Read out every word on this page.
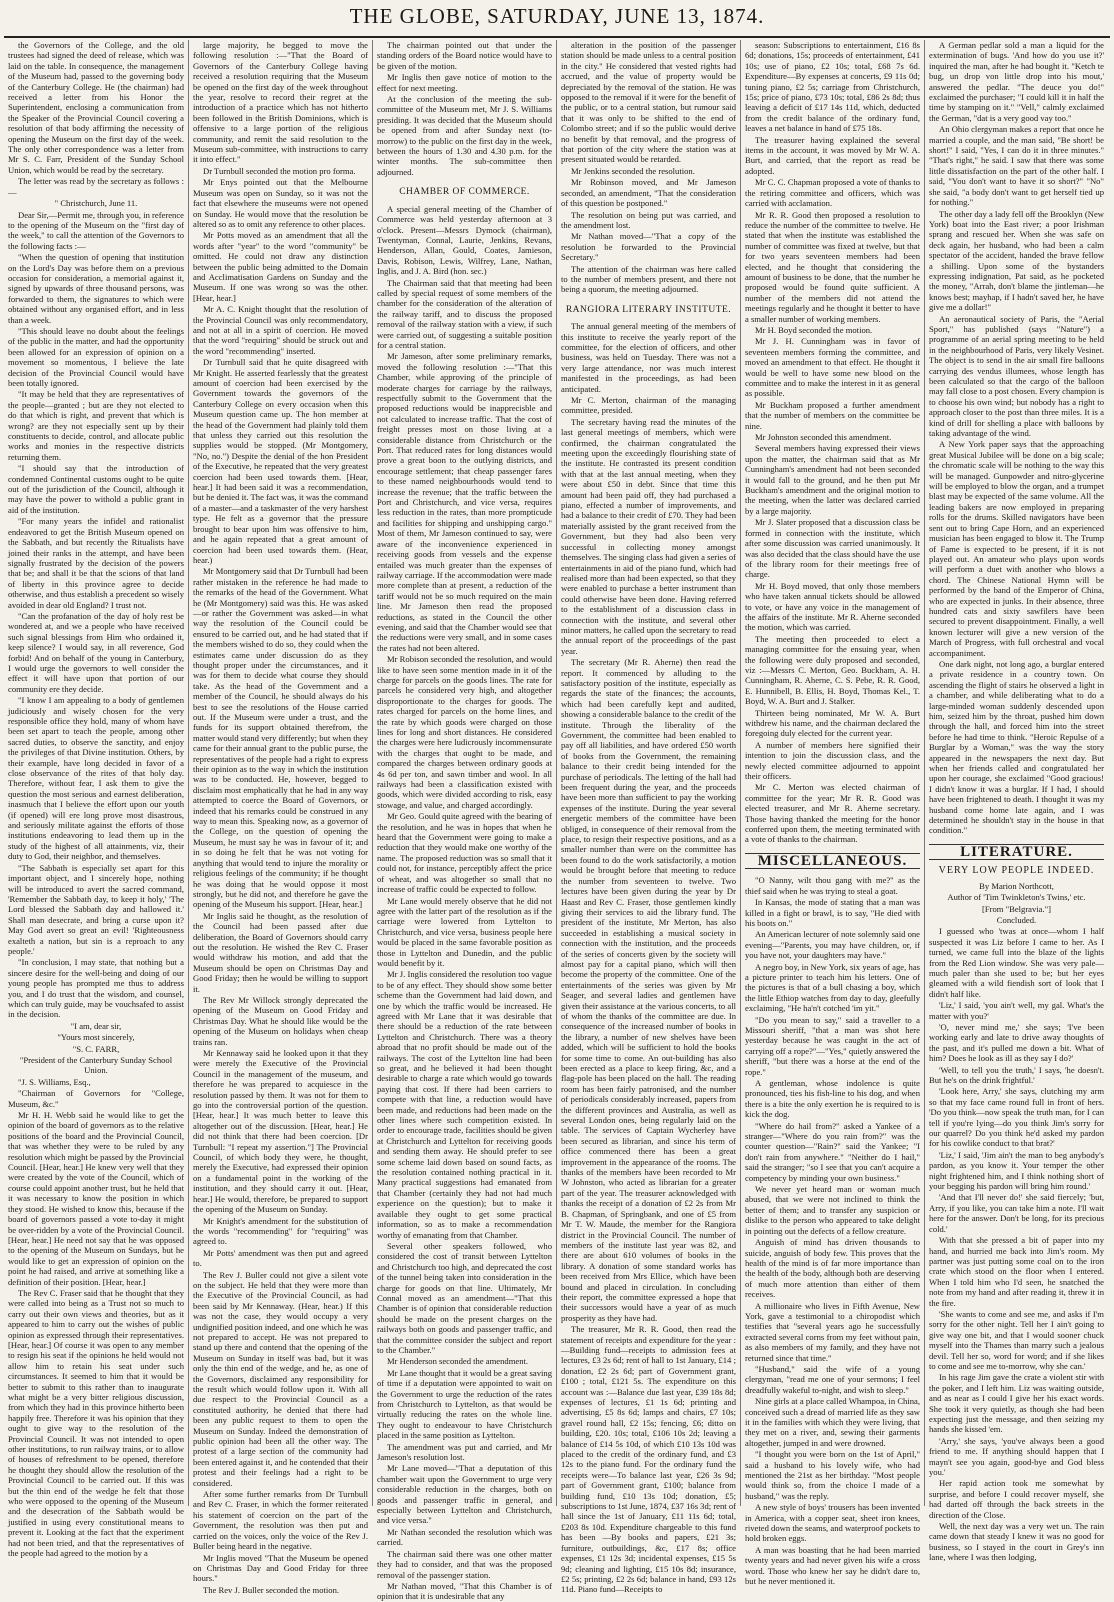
THE GLOBE, SATURDAY, JUNE 13, 1874.

the Governors of the College, and the old trustees had signed the deed of release, which was laid on the table. In consequence, the management of the Museum had, passed to the governing body of the Canterbury College. He (the chairman) had received a letter from his Honor the Superintendent, enclosing a communication from the Speaker of the Provincial Council covering a resolution of that body affirming the necessity of opening the Museum on the first day of the week. The only other correspondence was a letter from Mr S. C. Farr, President of the Sunday School Union, which would be read by the secretary.

The letter was read by the secretary as follows :—

" Christchurch, June 11.

Dear Sir,—Permit me, through you, in reference to the opening of the Museum on the "first day of the week," to call the attention of the Governors to the following facts :—

"When the question of opening that institution on the Lord's Day was before them on a previous occasion for consideration, a memorial against it, signed by upwards of three thousand persons, was forwarded to them, the signatures to which were obtained without any organised effort, and in less than a week.

"This should leave no doubt about the feelings of the public in the matter, and had the opportunity been allowed for an expression of opinion on a movement so momentous, I believe the late decision of the Provincial Council would have been totally ignored.

"It may be held that they are representatives of the people—granted ; but are they not elected to do that which is right, and prevent that which is wrong? are they not especially sent up by their constituents to decide, control, and allocate public works and monies in the respective districts returning them.

"I should say that the introduction of condemned Continental customs ought to be quite out of the jurisdiction of the Council, although it may have the power to withold a public grant in aid of the institution.

"For many years the infidel and rationalist endeavored to get the British Museum opened on the Sabbath, and but recently the Ritualists have joined their ranks in the attempt, and have been signally frustrated by the decision of the powers that be; and shall it be that the scions of that land of liberty in this province agree to decide otherwise, and thus establish a precedent so wisely avoided in dear old England? I trust not.

"Can the profanation of the day of holy rest be wondered at, and we a people who have received such signal blessings from Him who ordained it, keep silence? I would say, in all reverence, God forbid! And on behalf of the young in Canterbury, I would urge the governors to well consider the effect it will have upon that portion of our community ere they decide.

"I know I am appealing to a body of gentlemen judiciously and wisely chosen for the very responsible office they hold, many of whom have been set apart to teach the people, among other sacred duties, to observe the sanctity, and enjoy the privileges of that Divine institution. Others, by their example, have long decided in favor of a close observance of the rites of that holy day. Therefore, without fear, I ask them to give the question the most serious and earnest deliberation, inasmuch that I believe the effort upon our youth (if opened) will ere long prove most disastrous, and seriously militate against the efforts of those institutions endeavoring to lead them up in the study of the highest of all attainments, viz, their duty to God, their neighbor, and themselves.

"The Sabbath is especially set apart for this important object, and I sincerely hope, nothing will be introduced to avert the sacred command, 'Remember the Sabbath day, to keep it holy,' 'The Lord blessed the Sabbath day and hallowed it.' Shall man desecrate, and bring a curse upon it? May God avert so great an evil! 'Righteousness exalteth a nation, but sin is a reproach to any people.'

"In conclusion, I may state, that nothing but a sincere desire for the well-being and doing of our young people has prompted me thus to address you, and I do trust that the wisdom, and counsel, which can truly guide, may be vouchsafed to assist in the decision.

"I am, dear sir,

"Yours most sincerely,

"S. C. FARR,

"President of the Canterbury Sunday School Union.

"J. S. Williams, Esq.,

"Chairman of Governors for "College, Museum, &c."

Mr H. H. Webb said he would like to get the opinion of the board of governors as to the relative positions of the board and the Provincial Council, that was whether they were to be ruled by any resolution which might be passed by the Provincial Council. [Hear, hear.] He knew very well that they were created by the vote of the Council, which of course could appoint another trust, but he held that it was necessary to know the position in which they stood. He wished to know this, because if the board of governors passed a vote to-day it might be over-ridden by a vote of the Provincial Council. [Hear, hear.] He need not say that he was opposed to the opening of the Museum on Sundays, but he would like to get an expression of opinion on the point he had raised, and arrive at something like a definition of their position. [Hear, hear.]

The Rev C. Fraser said that he thought that they were called into being as a Trust not so much to carry out their own views and theories, but as it appeared to him to carry out the wishes of public opinion as expressed through their representatives. [Hear, hear.] Of course it was open to any member to resign his seat if the opinions he held would not allow him to retain his seat under such circumstances. It seemed to him that it would be better to submit to this rather than to inaugurate what might be a very bitter religious discussion, from which they had in this province hitherto been happily free. Therefore it was his opinion that they ought to give way to the resolution of the Provincial Council. It was not intended to open other institutions, to run railway trains, or to allow of houses of refreshment to be opened, therefore he thought they should allow the resolution of the Provincial Council to be carried out. If this was but the thin end of the wedge he felt that those who were opposed to the opening of the Museum and the desecration of the Sabbath would be justified in using every constitutional means to prevent it. Looking at the fact that the experiment had not been tried, and that the representatives of the people had agreed to the motion by a

large majority, he begged to move the following resolution :—"That the Board of Governors of the Canterbury College having received a resolution requiring that the Museum be opened on the first day of the week throughout the year, resolve to record their regret at the introduction of a practice which has not hitherto been followed in the British Dominions, which is offensive to a large portion of the religious community, and remit the said resolution to the Museum sub-committee, with instructions to carry it into effect."

Dr Turnbull seconded the motion pro forma.

Mr Enys pointed out that the Melbourne Museum was open on Sunday, so it was not the fact that elsewhere the museums were not opened on Sunday. He would move that the resolution be altered so as to omit any reference to other places.

Mr Potts moved as an amendment that all the words after "year" to the word "community" be omitted. He could not draw any distinction between the public being admitted to the Domain and Acclimatisation Gardens on Sunday and the Museum. If one was wrong so was the other. [Hear, hear.]

Mr A. C. Knight thought that the resolution of the Provincial Council was only recommendatory, and not at all in a spirit of coercion. He moved that the word "requiring" should be struck out and the word "recommending" inserted.

Dr Turnbull said that he quite disagreed with Mr Knight. He asserted fearlessly that the greatest amount of coercion had been exercised by the Government towards the governors of the Canterbury College on every occasion when this Museum question came up. The hon member at the head of the Government had plainly told them that unless they carried out this resolution the supplies would be stopped. (Mr Montgomery, "No, no.") Despite the denial of the hon President of the Executive, he repeated that the very greatest coercion had been used towards them. [Hear, hear.] It had been said it was a recommendation, but he denied it. The fact was, it was the command of a master—and a taskmaster of the very harshest type. He felt as a governor that the pressure brought to bear upon him was offensive to him, and he again repeated that a great amount of coercion had been used towards them. (Hear, hear.)

Mr Montgomery said that Dr Turnbull had been rather mistaken in the reference he had made to the remarks of the head of the Government. What he (Mr Montgomery) said was this. He was asked—or rather the Government was asked—in what way the resolution of the Council could be ensured to be carried out, and he had stated that if the members wished to do so, they could when the estimates came under discussion do as they thought proper under the circumstances, and it was for them to decide what course they should take. As the head of the Government and a member of the Council, he should always do his best to see the resolutions of the House carried out. If the Museum were under a trust, and the funds for its support obtained therefrom, the matter would stand very differently; but when they came for their annual grant to the public purse, the representatives of the people had a right to express their opinion as to the way in which the institution was to be conducted. He, however, begged to disclaim most emphatically that he had in any way attempted to coerce the Board of Governors, or indeed that his remarks could be construed in any way to mean this. Speaking now, as a governor of the College, on the question of opening the Museum, he must say he was in favour of it; and in so doing he felt that he was not voting for anything that would tend to injure the morality or religious feelings of the community; if he thought he was doing that he would oppose it most strongly, but he did not, and therefore he gave the opening of the Museum his support. [Hear, hear.]

Mr Inglis said he thought, as the resolution of the Council had been passed after due deliberation, the Board of Governors should carry out the resolution. He wished the Rev C. Fraser would withdraw his motion, and add that the Museum should be open on Christmas Day and Good Friday; then he would be willing to support it.

The Rev Mr Willock strongly deprecated the opening of the Museum on Good Friday and Christmas Day. What he should like would be the opening of the Museum on holidays when cheap trains ran.

Mr Kennaway said he looked upon it that they were merely the Executive of the Provincial Council in the management of the museum, and therefore he was prepared to acquiesce in the resolution passed by them. It was not for them to go into the controversial portion of the question. [Hear, hear.] It was much better to leave this altogether out of the discussion. [Hear, hear.] He did not think that there had been coercion. [Dr Turnbull: "I repeat my assertion."] The Provincial Council, of which body they were, he thought, merely the Executive, had expressed their opinion on a fundamental point in the working of the institution, and they should carry it out. [Hear, hear.] He would, therefore, be prepared to support the opening of the Museum on Sunday.

Mr Knight's amendment for the substitution of the words "recommending" for "requiring" was agreed to.

Mr Potts' amendment was then put and agreed to.

The Rev J. Buller could not give a silent vote on the subject. He held that they were more than the Executive of the Provincial Council, as had been said by Mr Kennaway. (Hear, hear.) If this was not the case, they would occupy a very undignified position indeed, and one which he was not prepared to accept. He was not prepared to stand up there and contend that the opening of the Museum on Sunday in itself was bad, but it was only the thin end of the wedge, and he, as one of the Governors, disclaimed any responsibility for the result which would follow upon it. With all due respect to the Provincial Council as a constituted authority, he denied that there had been any public request to them to open the Museum on Sunday. Indeed the demonstration of public opinion had been all the other way. The protest of a large section of the community had been entered against it, and he contended that their protest and their feelings had a right to be considered.

After some further remarks from Dr Turnbull and Rev C. Fraser, in which the former reiterated his statement of coercion on the part of the Government, the resolution was then put and carried on the voices, only the voice of the Rev J. Buller being heard in the negative.

Mr Inglis moved "That the Museum be opened on Christmas Day and Good Friday for three hours."

The Rev J. Buller seconded the motion.

The chairman pointed out that under the standing orders of the Board notice would have to be given of the motion.

Mr Inglis then gave notice of motion to the effect for next meeting.

At the conclusion of the meeting the sub-committee of the Museum met, Mr J. S. Williams presiding. It was decided that the Museum should be opened from and after Sunday next (to-morrow) to the public on the first day in the week, between the hours of 1.30 and 4.30 p.m. for the winter months. The sub-committee then adjourned.

CHAMBER OF COMMERCE.

A special general meeting of the Chamber of Commerce was held yesterday afternoon at 3 o'clock. Present—Messrs Dymock (chairman), Twentyman, Connal, Laurie, Jenkins, Revans, Henderson, Allan, Gould, Coates, Jamieson, Davis, Robison, Lewis, Wilfrey, Lane, Nathan, Inglis, and J. A. Bird (hon. sec.)

The Chairman said that that meeting had been called by special request of some members of the chamber for the consideration of the alteration of the railway tariff, and to discuss the proposed removal of the railway station with a view, if such were carried out, of suggesting a suitable position for a central station.

Mr Jameson, after some preliminary remarks, moved the following resolution :—"That this Chamber, while approving of the principle of moderate charges for carriage by the railways, respectfully submit to the Government that the proposed reductions would be inapprecisble and not calculated to increase traffic. That the cost of freight presses most on those living at a considerable distance from Christchurch or the Port. That reduced rates for long distances would prove a great boon to the outlying districts, and encourage settlement; that cheap passenger fares to these named neighbourhoods would tend to increase the revenue; that the traffic between the Port and Christchurch, and vice versa, requires less reduction in the rates, than more prompticude and facilities for shipping and unshipping cargo." Most of them, Mr Jameson continued to say, were aware of the inconvenience experienced in receiving goods from vessels and the expense entailed was much greater than the expenses of railway carriage. If the accommodation were made more complete than at present, a reduction of the tariff would not be so much required on the main line. Mr Jameson then read the proposed reductions, as stated in the Council the other evening, and said that the Chamber would see that the reductions were very small, and in some cases the rates had not been altered.

Mr Robison seconded the resolution, and would like to have seen some mention made in it of the charge for parcels on the goods lines. The rate for parcels he considered very high, and altogether disproportionate to the charges for goods. The rates charged for parcels on the home lines, and the rate by which goods were charged on those lines for long and short distances. He considered the charges were here ludicrously incommensurate with the charges that ought to be made, and compared the charges between ordinary goods at 4s 6d per ton, and sawn timber and wool. In all railways had been a classification existed with goods, which were divided according to risk, easy stowage, and value, and charged accordingly.

Mr Geo. Gould quite agreed with the bearing of the resolution, and he was in hopes that when he heard that the Government were going to make a reduction that they would make one worthy of the name. The proposed reduction was so small that it could not, for instance, perceptibly affect the price of wheat, and was altogether so small that no increase of traffic could be expected to follow.

Mr Lane would merely observe that he did not agree with the latter part of the resolution as if the carriage were lowered from Lyttelton to Christchurch, and vice versa, business people here would be placed in the same favorable position as those in Lyttelton and Dunedin, and the public would benefit by it.

Mr J. Inglis considered the resolution too vague to be of any effect. They should show some better scheme than the Government had laid down, and one by which the traffic would be increased. He agreed with Mr Lane that it was desirable that there should be a reduction of the rate between Lyttelton and Christchurch. There was a theory abroad that no profit should be made out of the railways. The cost of the Lyttelton line had been so great, and he believed it had been thought desirable to charge a rate which would go towards paying that cost. If there had been carriers to compete with that line, a reduction would have been made, and reductions had been made on the other lines where such competition existed. In order to encourage trade, facilities should be given at Christchurch and Lyttelton for receiving goods and sending them away. He should prefer to see some scheme laid down based on sound facts, as the resolution contained nothing practical in it. Many practical suggestions had emanated from that Chamber (certainly they had not had much experience on the question); but to make it available they ought to get some practical information, so as to make a recommendation worthy of emanating from that Chamber.

Several other speakers followed, who considered the cost of transit between Lyttelton and Christchurch too high, and deprecated the cost of the tunnel being taken into consideration in the charge for goods on that line. Ultimately, Mr Connal moved as an amendment—"That this Chamber is of opinion that considerable reduction should be made on the present charges on the railways both on goods and passenger traffic, and that the committee consider the subject and report to the Chamber."

Mr Henderson seconded the amendment.

Mr Lane thought that it would be a great saving of time if a deputation were appointed to wait on the Government to urge the reduction of the rates from Christchurch to Lyttelton, as that would be virtually reducing the rates on the whole line. They ought to endeavour to have Christchurch placed in the same position as Lyttelton.

The amendment was put and carried, and Mr Jameson's resolution lost.

Mr Lane moved—"That a deputation of this chamber wait upon the Government to urge very considerable reduction in the charges, both on goods and passenger traffic in general, and especially between Lyttelton and Christchurch, and vice versa."

Mr Nathan seconded the resolution which was carried.

The chairman said there was one other matter they had to consider, and that was the proposed removal of the passenger station.

Mr Nathan moved, "That this Chamber is of opinion that it is undesirable that any

alteration in the position of the passenger station should be made unless to a central position in the city." He considered that vested rights had accrued, and the value of property would be depreciated by the removal of the station. He was opposed to the removal if it were for the benefit of the public, or to a central station, but rumour said that it was only to be shifted to the end of Colombo street; and if so the public would derive no benefit by that removal, and the progress of that portion of the city where the station was at present situated would be retarded.

Mr Jenkins seconded the resolution.

Mr Robinson moved, and Mr Jameson seconded, an amendment, "That the consideration of this question be postponed."

The resolution on being put was carried, and the amendment lost.

Mr Nathan moved—"That a copy of the resolution be forwarded to the Provincial Secretary."

The attention of the chairman was here called to the number of members present, and there not being a quorum, the meeting adjourned.

RANGIORA LITERARY INSTITUTE.

The annual general meeting of the members of this institute to receive the yearly report of the committee, for the election of officers, and other business, was held on Tuesday. There was not a very large attendance, nor was much interest manifested in the proceedings, as had been anticipated.

Mr C. Merton, chairman of the managing committee, presided.

The secretary having read the minutes of the last general meetings of members, which were confirmed, the chairman congratulated the meeting upon the exceedingly flourishing state of the institute. He contrasted its present condition with that at the last annual meeting, when they were about £50 in debt. Since that time this amount had been paid off, they had purchased a piano, effected a number of improvements, and had a balance to their credit of £70. They had been materially assisted by the grant received from the Government, but they had also been very successful in collecting money amongst themselves. The singing class had given a series of entertainments in aid of the piano fund, which had realised more than had been expected, so that they were enabled to purchase a better instrument than could otherwise have been done. Having referred to the establishment of a discussion class in connection with the institute, and several other minor matters, he called upon the secretary to read the annual report of the proceedings of the past year.

The secretary (Mr R. Aherne) then read the report. It commenced by alluding to the satisfactory position of the institute, especially as regards the state of the finances; the accounts, which had been carefully kept and audited, showing a considerable balance to the credit of the institute. Through the liberality of the Government, the committee had been enabled to pay off all liabilities, and have ordered £50 worth of books from the Government, the remaining balance to their credit being intended for the purchase of periodicals. The letting of the hall had been frequent during the year, and the proceeds have been more than sufficient to pay the working expenses of the institute. During the year several energetic members of the committee have been obliged, in consequence of their removal from the place, to resign their respective positions, and as a smaller number than were on the committee has been found to do the work satisfactorily, a motion would be brought before that meeting to reduce the number from seventeen to twelve. Two lectures have been given during the year by Dr Haast and Rev C. Fraser, those gentlemen kindly giving their services to aid the library fund. The president of the institute, Mr Merton, has also succeeded in establishing a musical society in connection with the institution, and the proceeds of the series of concerts given by the society will almost pay for a capital piano, which will then become the property of the committee. One of the entertainments of the series was given by Mr Seager, and several ladies and gentlemen have given their assistance at the various concerts, to all of whom the thanks of the committee are due. In consequence of the increased number of books in the library, a number of new shelves have been added, which will be sufficient to hold the books for some time to come. An out-building has also been erected as a place to keep firing, &c, and a flag-pole has been placed on the hall. The reading room has been fairly patronised, and the number of periodicals considerably increased, papers from the different provinces and Australia, as well as several London ones, being regularly laid on the table. The services of Captain Wycherley have been secured as librarian, and since his term of office commenced there has been a great improvement in the appearance of the rooms. The thanks of the members have been recorded to Mr W Johnston, who acted as librarian for a greater part of the year. The treasurer acknowledged with thanks the receipt of a donation of £2 2s from Mr B. Chapman, of Springbank, and one of £5 from Mr T. W. Maude, the member for the Rangiora district in the Provincial Council. The number of members of the institute last year was 82, and there are about 610 volumes of books in the library. A donation of some standard works has been received from Mrs Ellice, which have been bound and placed in circulation. In concluding their report, the committee expressed a hope that their successors would have a year of as much prosperity as they have had.

The treasurer, Mr R. R. Good, then read the statement of receipts and expenditure for the year :—Building fund—receipts to admission fees at lectures, £3 2s 6d; rent of hall to 1st January, £14 ; donation, £2 2s 6d; part of Government grant, £100 ; total, £121 5s. The expenditure on this account was :—Balance due last year, £39 18s 8d; expenses of lectures, £1 1s 6d; printing and advertising, £5 8s 6d; lamps and chairs, £7 10s; gravel round hall, £2 15s; fencing, £6; ditto on building, £20. 10s; total, £106 10s 2d; leaving a balance of £14 5s 10d, of which £10 13s 10d was placed to the credit of the ordinary fund, and £3 12s to the piano fund. For the ordinary fund the receipts were—To balance last year, £26 3s 9d; part of Government grant, £100; balance from building fund, £10 13s 10d; donation, £5; subscriptions to 1st June, 1874, £37 16s 3d; rent of hall since the 1st of January, £11 11s 6d; total, £203 8s 10d. Expenditure chargeable to this fund has been —By books and papers, £21 3s; furniture, outbuildings, &c, £17 8s; office expenses, £1 12s 3d; incidental expenses, £15 5s 9d; cleaning and lighting, £15 10s 8d; insurance, £2 5s; printing, £2 2s 6d; balance in hand, £93 12s 11d. Piano fund—Receipts to

season: Subscriptions to entertainment, £16 8s 6d; donations, 15s; proceeds of entertainment, £41 10s; use of piano, £2 10s; total, £68 7s 6d. Expenditure—By expenses at concerts, £9 11s 0d; tuning piano, £2 5s; carriage from Christchurch, 15s; price of piano, £73 10s; total, £86 2s 8d; thus leaving a deficit of £17 14s 11d, which, deducted from the credit balance of the ordinary fund, leaves a net balance in hand of £75 18s.

The treasurer having explained the several items in the account, it was moved by Mr W. A. Burt, and carried, that the report as read be adopted.

Mr C. C. Chapman proposed a vote of thanks to the retiring committee and officers, which was carried with acclamation.

Mr R. R. Good then proposed a resolution to reduce the number of the committee to twelve. He stated that when the institute was established the number of committee was fixed at twelve, but that for two years seventeen members had been elected, and he thought that considering the amount of business to be done, that the number he proposed would be found quite sufficient. A number of the members did not attend the meetings regularly and he thought it better to have a smaller number of working members.

Mr H. Boyd seconded the motion.

Mr J. H. Cunningham was in favor of seventeen members forming the committee, and moved an amendment to that effect. He thought it would be well to have some new blood on the committee and to make the interest in it as general as possible.

Mr Buckham proposed a further amendment that the number of members on the committee be nine.

Mr Johnston seconded this amendment.

Several members having expressed their views upon the matter, the chairman said that as Mr Cunningham's amendment had not been seconded it would fall to the ground, and he then put Mr Buckham's amendment and the original motion to the meeting, when the latter was declared carried by a large majority.

Mr J. Slater proposed that a discussion class be formed in connection with the institute, which after some discussion was carried unanimously. It was also decided that the class should have the use of the library room for their meetings free of charge.

Mr H. Boyd moved, that only those members who have taken annual tickets should be allowed to vote, or have any voice in the management of the affairs of the institute. Mr R. Aherne seconded the motion, which was carried.

The meeting then proceeded to elect a managing committee for the ensuing year, when the following were duly proposed and seconded, viz :—Messrs C. Merton, Geo. Buckham, A. H. Cunningham, R. Aherne, C. S. Pebe, R. R. Good, E. Hunnibell, B. Ellis, H. Boyd, Thomas Kel., T. Boyd, W. A. Burt and J. Stalker.

Thirteen being nominated, Mr W. A. Burt withdrew his name, and the chairman declared the foregoing duly elected for the current year.

A number of members here signified their intention to join the discussion class, and the newly elected committee adjourned to appoint their officers.

Mr C. Merton was elected chairman of committee for the year; Mr R. R. Good was elected treasurer, and Mr R. Aherne secretary. Those having thanked the meeting for the honor conferred upon them, the meeting terminated with a vote of thanks to the chairman.

MISCELLANEOUS.

"O Nanny, wilt thou gang with me?" as the thief said when he was trying to steal a goat.

In Kansas, the mode of stating that a man was killed in a fight or brawl, is to say, "He died with his boots on."

An American lecturer of note solemnly said one evening—"Parents, you may have children, or, if you have not, your daughters may have."

A negro boy, in New York, six years of age, has a picture printer to teach him his letters. One of the pictures is that of a bull chasing a boy, which the little Ethiop watches from day to day, gleefully exclaiming, "He ha'n't cotched 'im yit."

"Do you mean to say," said a traveller to a Missouri sheriff, "that a man was shot here yesterday because he was caught in the act of carrying off a rope?"—"Yes," quietly answered the sheriff, "but there was a horse at the end of the rope."

A gentleman, whose indolence is quite pronounced, ties his fish-line to his dog, and when there is a bite the only exertion he is required to is kick the dog.

"Where do hail from?" asked a Yankee of a stranger—"Where do you rain from?" was the counter question—"Rain?" said the Yankee; "I don't rain from anywhere." "Neither do I hail," said the stranger; "so I see that you can't acquire a competency by minding your own business."

We never yet heard man or woman much abused, that we were not inclined to think the better of them; and to transfer any suspicion or dislike to the person who appeared to take delight in pointing out the defects of a fellow creature.

Anguish of mind has driven thousands to suicide, anguish of body few. This proves that the health of the mind is of far more importance than the health of the body, although both are deserving of much more attention than either of them receives.

A millionaire who lives in Fifth Avenue, New York, gave a testimonial to a chiropodist which testifies that "several years ago he successfully extracted several corns from my feet without pain, as also members of my family, and they have not returned since that time."

"Husband," said the wife of a young clergyman, "read me one of your sermons; I feel dreadfully wakeful to-night, and wish to sleep."

Nine girls at a place called Whampoa, in China, conceived such a dread of married life as they saw it in the families with which they were living, that they met on a river, and, sewing their garments altogether, jumped in and were drowned.

"I thought you were born on the 1st of April," said a husband to his lovely wife, who had mentioned the 21st as her birthday. "Most people would think so, from the choice I made of a husband," was the reply.

A new style of boys' trousers has been invented in America, with a copper seat, sheet iron knees, riveted down the seams, and waterproof pockets to hold broken eggs.

A man was boasting that he had been married twenty years and had never given his wife a cross word. Those who knew her say he didn't dare to, but he never mentioned it.

A German pedlar sold a man a liquid for the extermination of bugs. 'And how do you use it?' inquired the man, after he had bought it. "Ketch te bug, un drop von little drop into his mout,' answered the pedlar. "The deuce you do!" exclaimed the purchaser; "I could kill it in half the time by stamping on it." "Vell," calmly exclaimed the German, "dat is a very good vay too."

An Ohio clergyman makes a report that once he married a couple, and the man said, "Be short! be short!" I said, "Yes, I can do it in three minutes." "That's right," he said. I saw that there was some little dissatisfaction on the part of the other half. I said, "You don't want to have it so short?" "No" she said, "a body don't want to get herself tied up for nothing."

The other day a lady fell off the Brooklyn (New York) boat into the East river; a poor Irishman sprang and rescued her. When she was safe on deck again, her husband, who had been a calm spectator of the accident, handed the brave fellow a shilling. Upon some of the bystanders expressing indignation, Pat said, as he pocketed the money, "Arrah, don't blame the jintleman—he knows best; mayhap, if I hadn't saved her, he have give me a dollar!"

An aeronautical society of Paris, the "Aerial Sport," has published (says "Nature") a programme of an aerial spring meeting to be held in the neighbourhood of Paris, very likely Vesinet. The object is to send in the air small fire balloons carrying des vendus illumees, whose length has been calculated so that the cargo of the balloon may fall close to a post chosen. Every champion is to choose his own wind; but nobody has a right to approach closer to the post than three miles. It is a kind of drill for shelling a place with balloons by taking advantage of the wind.

A New York paper says that the approaching great Musical Jubilee will be done on a big scale; the chromatic scale will be nothing to the way this will be managed. Gunpowder and nitro-glycerine will be employed to blow the organ, and a trumpet blast may be expected of the same volume. All the leading bakers are now employed in preparing rolls for the drums. Skilled navigators have been sent out to bring Cape Horn, and an experienced musician has been engaged to blow it. The Trump of Fame is expected to be present, if it is not played out. An amateur who plays upon words will perform a duet with another who blows a chord. The Chinese National Hymn will be performed by the band of the Emperor of China, who are expected in junks. In their absence, three hundred cats and sixty sawfilers have been secured to prevent disappointment. Finally, a well known lecturer will give a new version of the March of Progress, with full orchestral and vocal accompaniment.

One dark night, not long ago, a burglar entered a private residence in a country town. On ascending the flight of stairs he observed a light in a chamber, and while deliberating what to do a large-minded woman suddenly descended upon him, seized him by the throat, pushed him down through the hall, and forced him into the street before he had time to think. "Heroic Repulse of a Burglar by a Woman," was the way the story appeared in the newspapers the next day. But when her friends called and congratulated her upon her courage, she exclaimed "Good gracious! I didn't know it was a burglar. If I had, I should have been frightened to death. I thought it was my husband come home late again, and I was determined he shouldn't stay in the house in that condition."

LITERATURE.
VERY LOW PEOPLE INDEED.

By Marion Northcott,

Author of 'Tim Twinkleton's Twins,' etc.

[From "Belgravia."]

Concluded.

I guessed who 'twas at once—whom I half suspected it was Liz before I came to her. As I turned, we came full into the blaze of the lights from the Red Lion window. She was very pale—much paler than she used to be; but her eyes gleamed with a wild fiendish sort of look that I didn't half like.

'Liz,' I said, 'you ain't well, my gal. What's the matter with you?'

'O, never mind me,' she says; 'I've been working early and late to drive away thoughts of the past, and it's pulled me down a bit. What of him? Does he look as ill as they say I do?'

'Well, to tell you the truth,' I says, 'he doesn't. But he's on the drink frightful.'

'Look here, Arry,' she says, clutching my arm so that my face came round full in front of hers. 'Do you think—now speak the truth man, for I can tell if you're lying—do you think Jim's sorry for our quarrel? Do you think he'd asked my pardon for his cowlike conduct to that brat?'

'Liz,' I said, 'Jim ain't the man to beg anybody's pardon, as you know it. Your temper the other night frightened him, and I think nothing short of your begging his pardon will bring him round.'

'And that I'll never do!' she said fiercely; 'but, Arry, if you like, you can take him a note. I'll wait here for the answer. Don't be long, for its precious cold.'

With that she pressed a bit of paper into my hand, and hurried me back into Jim's room. My partner was just putting some coal on to the iron crate which stood on the floor when I entered. When I told him who I'd seen, he snatched the note from my hand and after reading it, threw it in the fire.

'She wants to come and see me, and asks if I'm sorry for the other night. Tell her I ain't going to give way one bit, and that I would sooner chuck myself into the Thames than marry such a jealous devil. Tell her so, word for word; and if she likes to come and see me to-morrow, why she can.'

In his rage Jim gave the crate a violent stir with the poker, and I left him. Liz was waiting outside, and as near as I could I give her his exact words. She took it very quietly, as though she had been expecting just the message, and then seizing my hands she kissed 'em.

'Arry,' she says, 'you've always been a good friend to me. If anything should happen that I mayn't see you again, good-bye and God bless you.'

Her rapid action took me somewhat by surprise, and before I could recover myself, she had darted off through the back streets in the direction of the Close.

Well, the next day was a very wet un. The rain came down that steady I knew it was no good for business, so I stayed in the court in Grey's inn lane, where I was then lodging,
